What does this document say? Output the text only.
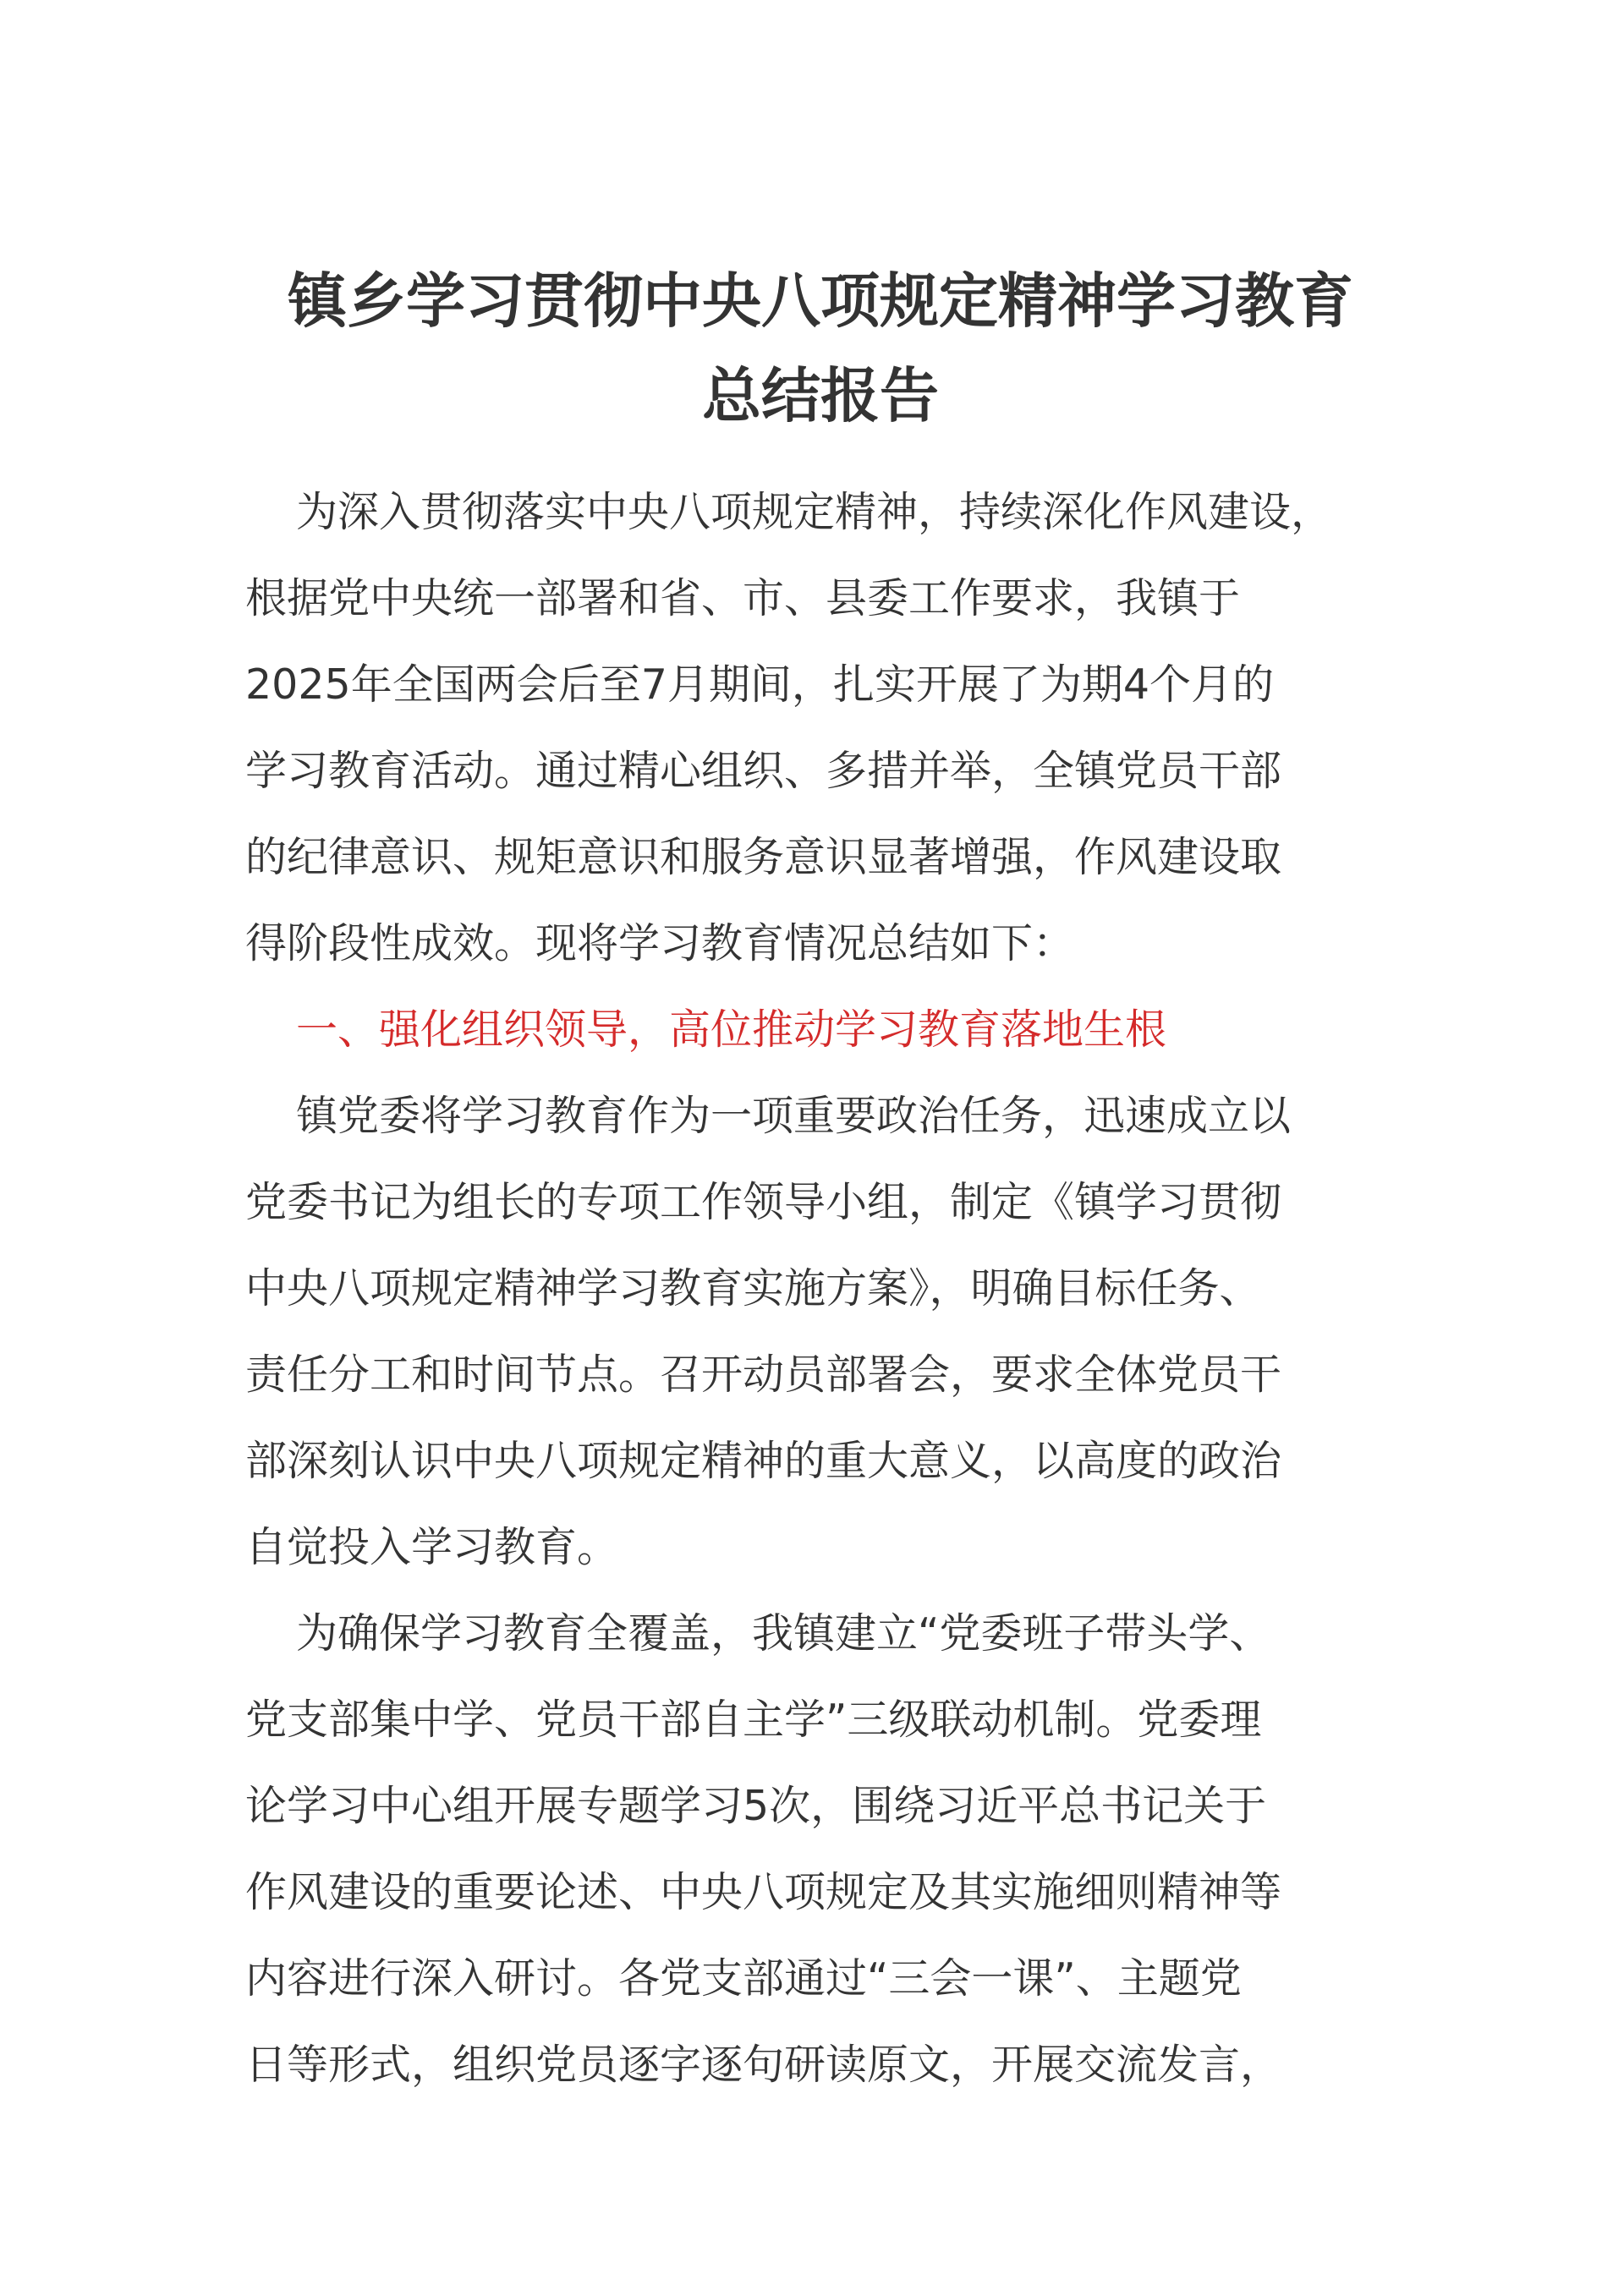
镇乡学习贯彻中央八项规定精神学习教育
总结报告
为深入贯彻落实中央八项规定精神，持续深化作风建设，
根据党中央统一部署和省、市、县委工作要求，我镇于
2025年全国两会后至7月期间，扎实开展了为期4个月的
学习教育活动。通过精心组织、多措并举，全镇党员干部
的纪律意识、规矩意识和服务意识显著增强，作风建设取
得阶段性成效。现将学习教育情况总结如下：
一、强化组织领导，高位推动学习教育落地生根
镇党委将学习教育作为一项重要政治任务，迅速成立以
党委书记为组长的专项工作领导小组，制定《镇学习贯彻
中央八项规定精神学习教育实施方案》，明确目标任务、
责任分工和时间节点。召开动员部署会，要求全体党员干
部深刻认识中央八项规定精神的重大意义，以高度的政治
自觉投入学习教育。
为确保学习教育全覆盖，我镇建立“党委班子带头学、
党支部集中学、党员干部自主学”三级联动机制。党委理
论学习中心组开展专题学习5次，围绕习近平总书记关于
作风建设的重要论述、中央八项规定及其实施细则精神等
内容进行深入研讨。各党支部通过“三会一课”、主题党
日等形式，组织党员逐字逐句研读原文，开展交流发言，
